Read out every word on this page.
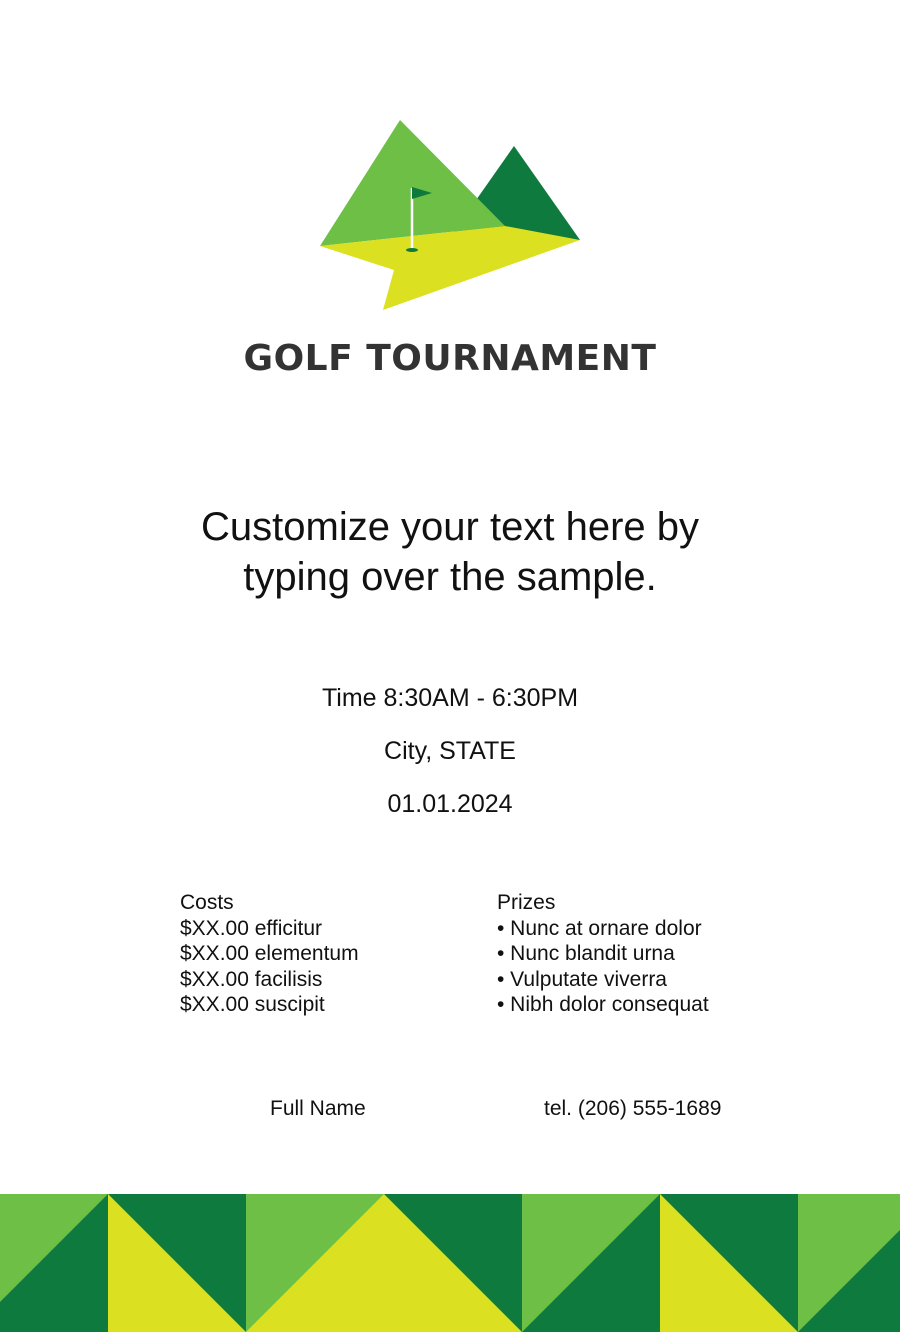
GOLF TOURNAMENT
Customize your text here by
typing over the sample.
Time 8:30AM - 6:30PM
City, STATE
01.01.2024
Costs
$XX.00 efficitur
$XX.00 elementum
$XX.00 facilisis
$XX.00 suscipit
Prizes
• Nunc at ornare dolor
• Nunc blandit urna
• Vulputate viverra
• Nibh dolor consequat
Full Name	tel. (206) 555-1689
